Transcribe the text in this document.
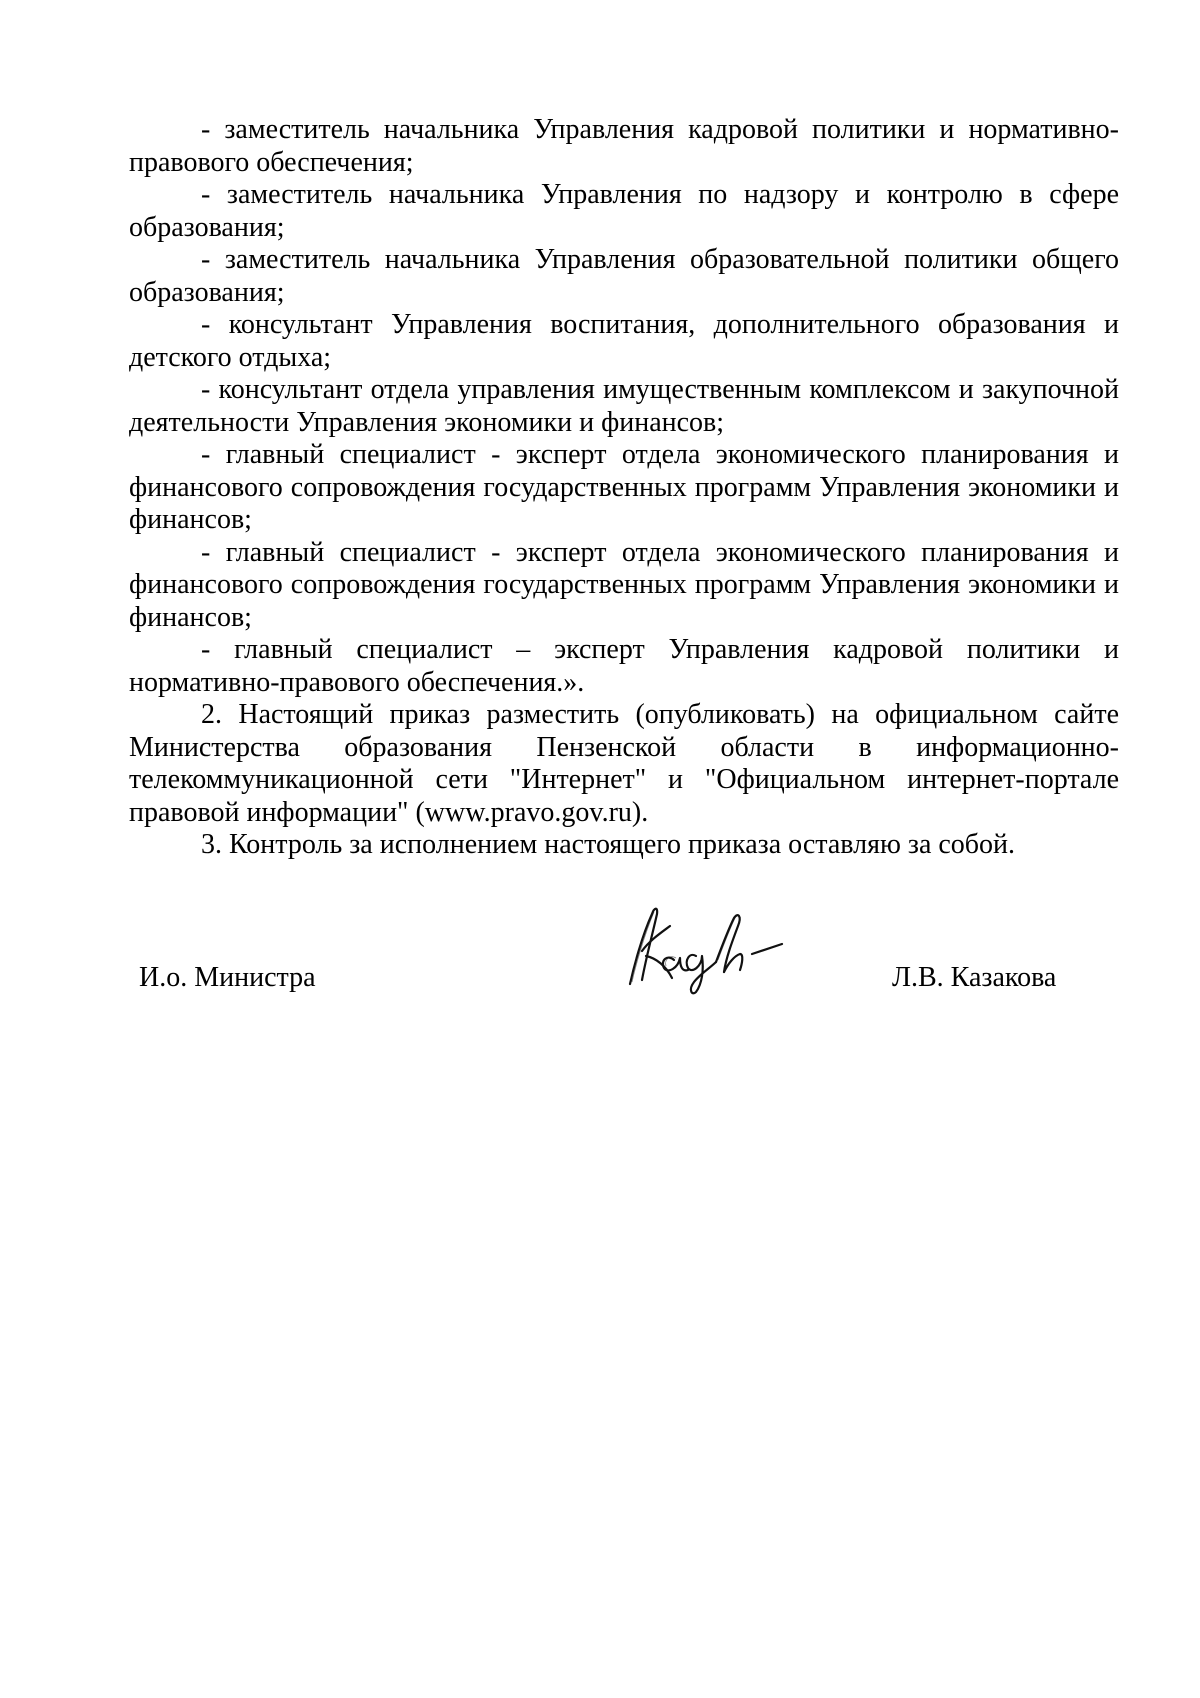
- заместитель начальника Управления кадровой политики и нормативно-правового обеспечения;

- заместитель начальника Управления по надзору и контролю в сфере образования;

- заместитель начальника Управления образовательной политики общего образования;

- консультант Управления воспитания, дополнительного образования и детского отдыха;

- консультант отдела управления имущественным комплексом и закупочной деятельности Управления экономики и финансов;

- главный специалист - эксперт отдела экономического планирования и финансового сопровождения государственных программ Управления экономики и финансов;

- главный специалист - эксперт отдела экономического планирования и финансового сопровождения государственных программ Управления экономики и финансов;

- главный специалист – эксперт Управления кадровой политики и нормативно-правового обеспечения.».

2. Настоящий приказ разместить (опубликовать) на официальном сайте Министерства образования Пензенской области в информационно-телекоммуникационной сети "Интернет" и "Официальном интернет-портале правовой информации" (www.pravo.gov.ru).

3. Контроль за исполнением настоящего приказа оставляю за собой.

И.о. Министра	Л.В. Казакова
